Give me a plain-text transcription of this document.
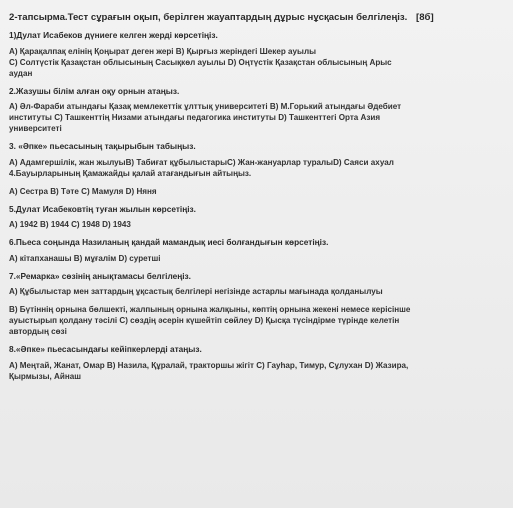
2-тапсырма.Тест сұрағын оқып, берілген жауаптардың дұрыс нұсқасын белгілеңіз. [8б]
1)Дулат Исабеков дүниеге келген жерді көрсетіңіз.
A) Қарақалпақ елінің Қоңырат деген жері B) Қырғыз жеріндегі Шекер ауылы
C) Солтүстік Қазақстан облысының Сасықкөл ауылы D) Оңтүстік Қазақстан облысының Арыс
аудан
2.Жазушы білім алған оқу орнын атаңыз.
A) Әл-Фараби атындағы Қазақ мемлекеттік ұлттық университеті B) М.Горький атындағы Әдебиет
институты C) Ташкенттің Низами атындағы педагогика институты D) Ташкенттегі Орта Азия
университеті
3. «Әпке» пьесасының тақырыбын табыңыз.
A) Адамгершілік, жан жылуыB) Табиғат құбылыстарыC) Жан-жануарлар туралыD) Саяси ахуал
4.Бауырларының Қамажайды қалай атағандығын айтыңыз.
A) Сестра B) Тәте C) Мамуля D) Няня
5.Дулат Исабековтің туған жылын көрсетіңіз.
A) 1942 B) 1944 C) 1948 D) 1943
6.Пьеса соңында Назиланың қандай мамандық иесі болғандығын көрсетіңіз.
A) кітапханашы B) мұғалім D) суретші
7.«Ремарка» сөзінің анықтамасы белгілеңіз.
A) Құбылыстар мен заттардың ұқсастық белгілері негізінде астарлы мағынада қолданылуы
B) Бүтіннің орнына бөлшекті, жалпының орнына жалқыны, көптің орнына жекені немесе керісінше
ауыстырып қолдану тәсілі C) сөздің әсерін күшейтіп сөйлеу D) Қысқа түсіндірме түрінде келетін
автордың сөзі
8.«Әпке» пьесасындағы кейіпкерлерді атаңыз.
A) Меңтай, Жанат, Омар B) Назила, Құралай, тракторшы жігіт C) Гауһар, Тимур, Сұлухан D) Жазира,
Қырмызы, Айнаш
